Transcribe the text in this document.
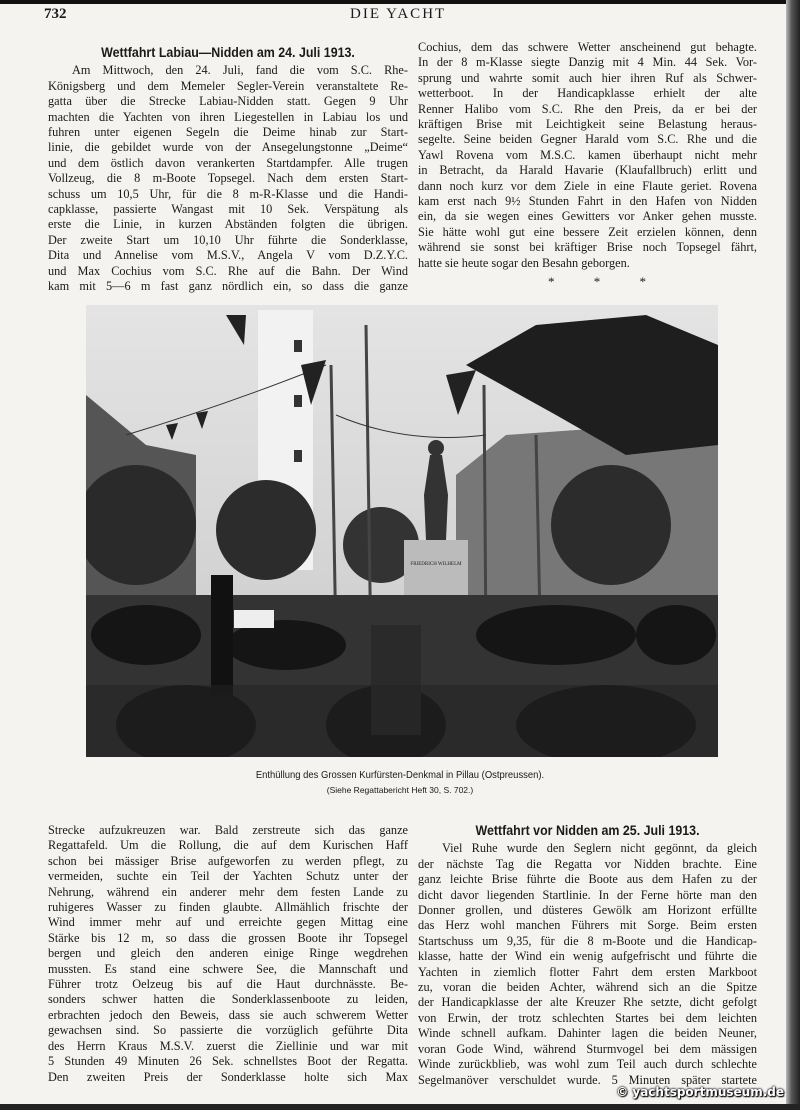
732	DIE YACHT
Wettfahrt Labiau—Nidden am 24. Juli 1913.
Am Mittwoch, den 24. Juli, fand die vom S.C. Rhe-
Königsberg und dem Memeler Segler-Verein veranstaltete Re-
gatta über die Strecke Labiau-Nidden statt. Gegen 9 Uhr
machten die Yachten von ihren Liegestellen in Labiau los und
fuhren unter eigenen Segeln die Deime hinab zur Start-
linie, die gebildet wurde von der Ansegelungstonne „Deime“
und dem östlich davon verankerten Startdampfer. Alle trugen
Vollzeug, die 8 m-Boote Topsegel. Nach dem ersten Start-
schuss um 10,5 Uhr, für die 8 m-R-Klasse und die Handi-
capklasse, passierte Wangast mit 10 Sek. Verspätung als
erste die Linie, in kurzen Abständen folgten die übrigen.
Der zweite Start um 10,10 Uhr führte die Sonderklasse,
Dita und Annelise vom M.S.V., Angela V vom D.Z.Y.C.
und Max Cochius vom S.C. Rhe auf die Bahn. Der Wind
kam mit 5—6 m fast ganz nördlich ein, so dass die ganze
Cochius, dem das schwere Wetter anscheinend gut behagte.
In der 8 m-Klasse siegte Danzig mit 4 Min. 44 Sek. Vor-
sprung und wahrte somit auch hier ihren Ruf als Schwer-
wetterboot. In der Handicapklasse erhielt der alte
Renner Halibo vom S.C. Rhe den Preis, da er bei der
kräftigen Brise mit Leichtigkeit seine Belastung heraus-
segelte. Seine beiden Gegner Harald vom S.C. Rhe und die
Yawl Rovena vom M.S.C. kamen überhaupt nicht mehr
in Betracht, da Harald Havarie (Klaufallbruch) erlitt und
dann noch kurz vor dem Ziele in eine Flaute geriet. Rovena
kam erst nach 9½ Stunden Fahrt in den Hafen von Nidden
ein, da sie wegen eines Gewitters vor Anker gehen musste.
Sie hätte wohl gut eine bessere Zeit erzielen können, denn
während sie sonst bei kräftiger Brise noch Topsegel fährt,
hatte sie heute sogar den Besahn geborgen.
* * *
FRIEDRICH WILHELM
Enthüllung des Grossen Kurfürsten-Denkmal in Pillau (Ostpreussen).
(Siehe Regattabericht Heft 30, S. 702.)
Strecke aufzukreuzen war. Bald zerstreute sich das ganze
Regattafeld. Um die Rollung, die auf dem Kurischen Haff
schon bei mässiger Brise aufgeworfen zu werden pflegt, zu
vermeiden, suchte ein Teil der Yachten Schutz unter der
Nehrung, während ein anderer mehr dem festen Lande zu
ruhigeres Wasser zu finden glaubte. Allmählich frischte der
Wind immer mehr auf und erreichte gegen Mittag eine
Stärke bis 12 m, so dass die grossen Boote ihr Topsegel
bergen und gleich den anderen einige Ringe wegdrehen
mussten. Es stand eine schwere See, die Mannschaft und
Führer trotz Oelzeug bis auf die Haut durchnässte. Be-
sonders schwer hatten die Sonderklassenboote zu leiden,
erbrachten jedoch den Beweis, dass sie auch schwerem Wetter
gewachsen sind. So passierte die vorzüglich geführte Dita
des Herrn Kraus M.S.V. zuerst die Ziellinie und war mit
5 Stunden 49 Minuten 26 Sek. schnellstes Boot der Regatta.
Den zweiten Preis der Sonderklasse holte sich Max
Wettfahrt vor Nidden am 25. Juli 1913.
Viel Ruhe wurde den Seglern nicht gegönnt, da gleich
der nächste Tag die Regatta vor Nidden brachte. Eine
ganz leichte Brise führte die Boote aus dem Hafen zu der
dicht davor liegenden Startlinie. In der Ferne hörte man den
Donner grollen, und düsteres Gewölk am Horizont erfüllte
das Herz wohl manchen Führers mit Sorge. Beim ersten
Startschuss um 9,35, für die 8 m-Boote und die Handicap-
klasse, hatte der Wind ein wenig aufgefrischt und führte die
Yachten in ziemlich flotter Fahrt dem ersten Markboot
zu, voran die beiden Achter, während sich an die Spitze
der Handicapklasse der alte Kreuzer Rhe setzte, dicht gefolgt
von Erwin, der trotz schlechten Startes bei dem leichten
Winde schnell aufkam. Dahinter lagen die beiden Neuner,
voran Gode Wind, während Sturmvogel bei dem mässigen
Winde zurückblieb, was wohl zum Teil auch durch schlechte
Segelmanöver verschuldet wurde. 5 Minuten später startete
© yachtsportmuseum.de
